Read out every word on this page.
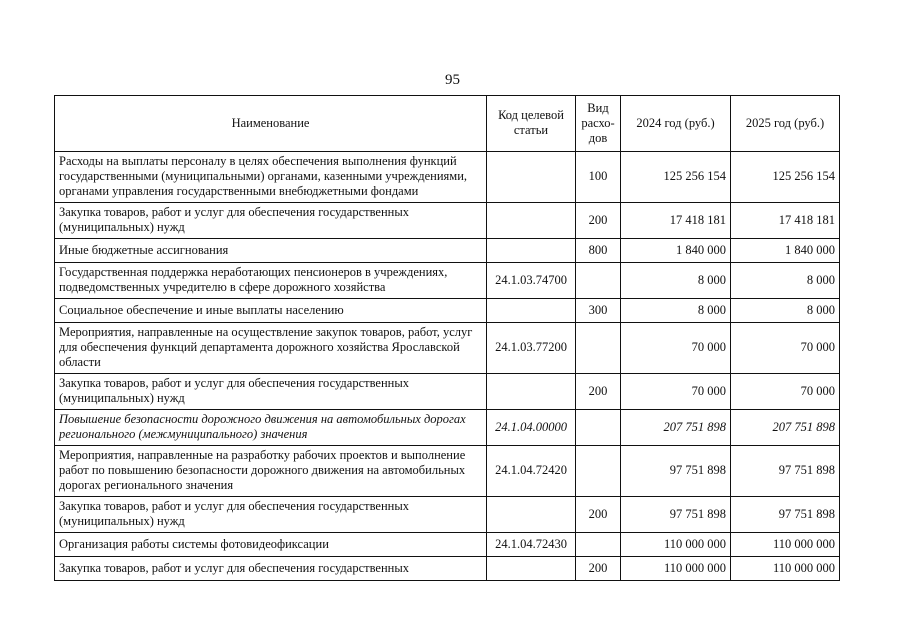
95
Наименование	Код целевой статьи	Вид расхо-дов	2024 год (руб.)	2025 год (руб.)
Расходы на выплаты персоналу в целях обеспечения выполнения функций государственными (муниципальными) органами, казенными учреждениями, органами управления государственными внебюджетными фондами		100	125 256 154	125 256 154
Закупка товаров, работ и услуг для обеспечения государственных (муниципальных) нужд		200	17 418 181	17 418 181
Иные бюджетные ассигнования		800	1 840 000	1 840 000
Государственная поддержка неработающих пенсионеров в учреждениях, подведомственных учредителю в сфере дорожного хозяйства	24.1.03.74700		8 000	8 000
Социальное обеспечение и иные выплаты населению		300	8 000	8 000
Мероприятия, направленные на осуществление закупок товаров, работ, услуг для обеспечения функций департамента дорожного хозяйства Ярославской области	24.1.03.77200		70 000	70 000
Закупка товаров, работ и услуг для обеспечения государственных (муниципальных) нужд		200	70 000	70 000
Повышение безопасности дорожного движения на автомобильных дорогах регионального (межмуниципального) значения	24.1.04.00000		207 751 898	207 751 898
Мероприятия, направленные на разработку рабочих проектов и выполнение работ по повышению безопасности дорожного движения на автомобильных дорогах регионального значения	24.1.04.72420		97 751 898	97 751 898
Закупка товаров, работ и услуг для обеспечения государственных (муниципальных) нужд		200	97 751 898	97 751 898
Организация работы системы фотовидеофиксации	24.1.04.72430		110 000 000	110 000 000
Закупка товаров, работ и услуг для обеспечения государственных		200	110 000 000	110 000 000
